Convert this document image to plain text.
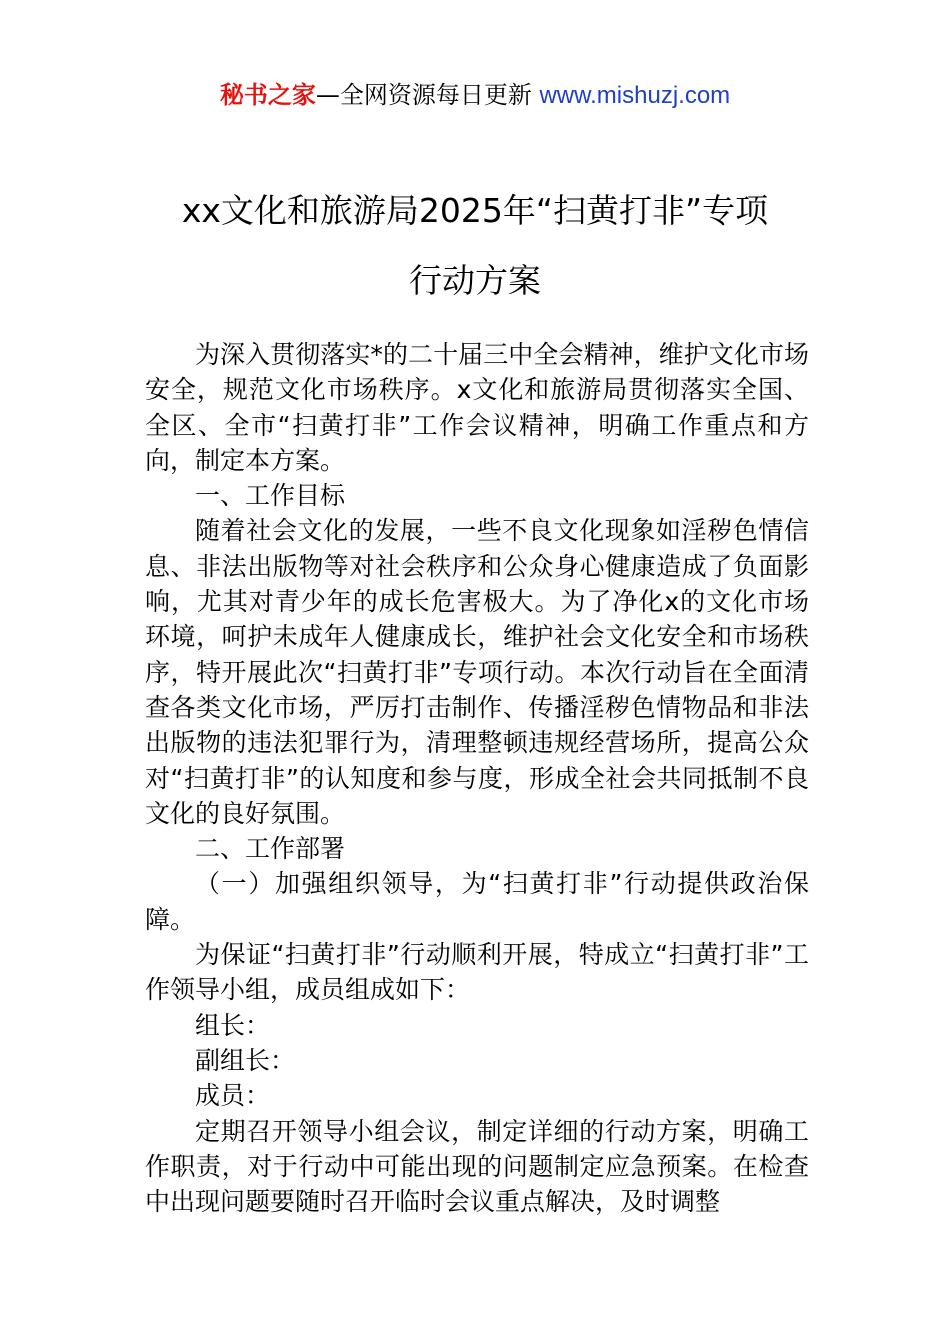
秘书之家—全网资源每日更新 www.mishuzj.com
xx文化和旅游局2025年“扫黄打非”专项
行动方案

为深入贯彻落实*的二十届三中全会精神，维护文化市场安全，规范文化市场秩序。x文化和旅游局贯彻落实全国、全区、全市“扫黄打非”工作会议精神，明确工作重点和方向，制定本方案。

一、工作目标

随着社会文化的发展，一些不良文化现象如淫秽色情信息、非法出版物等对社会秩序和公众身心健康造成了负面影响，尤其对青少年的成长危害极大。为了净化x的文化市场环境，呵护未成年人健康成长，维护社会文化安全和市场秩序，特开展此次“扫黄打非”专项行动。本次行动旨在全面清查各类文化市场，严厉打击制作、传播淫秽色情物品和非法出版物的违法犯罪行为，清理整顿违规经营场所，提高公众对“扫黄打非”的认知度和参与度，形成全社会共同抵制不良文化的良好氛围。

二、工作部署

（一）加强组织领导，为“扫黄打非”行动提供政治保障。

为保证“扫黄打非”行动顺利开展，特成立“扫黄打非”工作领导小组，成员组成如下：

组长：

副组长：

成员：

定期召开领导小组会议，制定详细的行动方案，明确工作职责，对于行动中可能出现的问题制定应急预案。在检查中出现问题要随时召开临时会议重点解决，及时调整
